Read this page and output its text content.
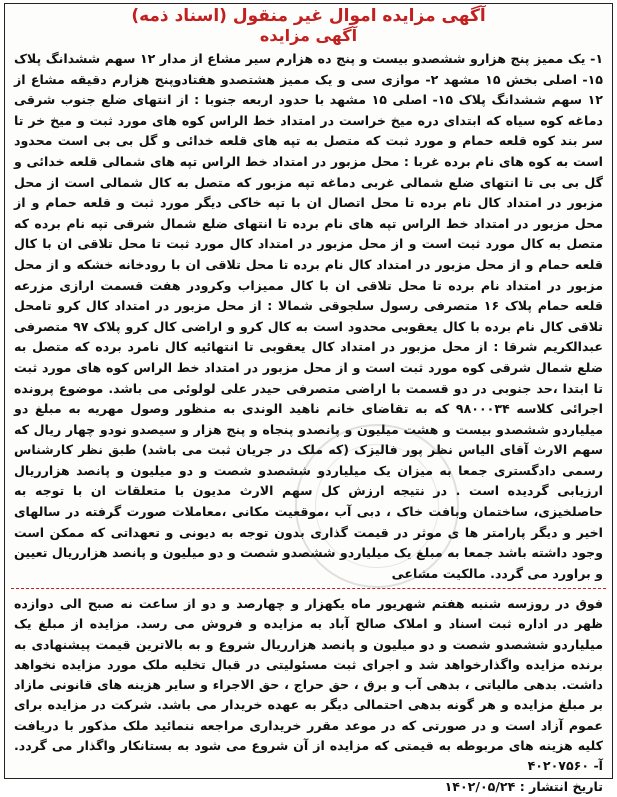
آگهی مزایده اموال غیر منقول (اسناد ذمه)
آگهی مزایده
۱- یک ممیز پنج هزارو ششصدو بیست و پنج ده هزارم سیر مشاع از مدار ۱۲ سهم ششدانگ پلاک ۱۵- اصلی بخش ۱۵ مشهد ۲- موازی سی و یک ممیز هشتصدو هفتادوپنج هزارم دقیقه مشاع از ۱۲ سهم ششدانگ پلاک ۱۵- اصلی ۱۵ مشهد با حدود اربعه جنوبا : از انتهای ضلع جنوب شرقی دماغه کوه سیاه که ابتدای دره میخ خراست در امتداد خط الراس کوه های مورد ثبت و میخ خر تا سر بند کوه قلعه حمام و مورد ثبت که متصل به تپه های قلعه خدائی و گل بی بی است محدود است به کوه های نام برده غربا : محل مزبور در امتداد خط الراس تپه های شمالی قلعه خدائی و گل بی بی تا انتهای ضلع شمالی غربی دماغه تپه مزبور که متصل به کال شمالی است از محل مزبور در امتداد کال نام برده تا محل اتصال ان با تپه خاکی دیگر مورد ثبت و قلعه حمام و از محل مزبور در امتداد خط الراس تپه های نام برده تا انتهای ضلع شمال شرقی تپه نام برده که متصل به کال مورد ثبت است و از محل مزبور در امتداد کال مورد ثبت تا محل تلاقی ان با کال قلعه حمام و از محل مزبور در امتداد کال نام برده تا محل تلاقی ان با رودخانه خشکه و از محل مزبور در امتداد نام برده تا محل تلاقی ان با کال ممیزاب وکرودر هفت قسمت ارازی مزرعه قلعه حمام پلاک ۱۶ متصرفی رسول سلجوقی شمالا : از محل مزبور در امتداد کال کرو تامحل تلاقی کال نام برده با کال یعقوبی محدود است به کال کرو و اراضی کال کرو پلاک ۹۷ متصرفی عبدالکریم شرقا : از محل مزبور در امتداد کال یعقوبی تا انتهائیه کال نامرد برده که متصل به ضلع شمال شرقی کوه مورد ثبت است و از محل مزبور در امتداد خط الراس کوه های مورد ثبت تا ابتدا ،حد جنوبی در دو قسمت با اراضی متصرفی حیدر علی لولوئی می باشد. موضوع پرونده اجرائی کلاسه ۹۸۰۰۰۳۴ که به تقاضای خانم ناهید الوندی به منظور وصول مهریه به مبلغ دو میلیاردو ششصدو بیست و هشت میلیون و پانصدو پنجاه و پنج هزار و سیصدو نودو چهار ریال که سهم الارث آقای الیاس نظر پور فالیزک (که ملک در جریان ثبت می باشد) طبق نظر کارشناس رسمی دادگستری جمعا به میزان یک میلیاردو ششصدو شصت و دو میلیون و پانصد هزارریال ارزیابی گردیده است . در نتیجه ارزش کل سهم الارث مدیون با متعلقات ان با توجه به حاصلخیزی، ساختمان وبافت خاک ، دبی آب ،موقعیت مکانی ،معاملات صورت گرفته در سالهای اخیر و دیگر پارامتر ها ی موثر در قیمت گذاری بدون توجه به دیونی و تعهداتی که ممکن است وجود داشته باشد جمعا به مبلغ یک میلیاردو ششصدو شصت و دو میلیون و پانصد هزارریال تعیین و براورد می گردد. مالکیت مشاعی
فوق در روزسه شنبه هفتم شهریور ماه یکهزار و چهارصد و دو از ساعت نه صبح الی دوازده ظهر در اداره ثبت اسناد و املاک صالح آباد به مزایده و فروش می رسد. مزایده از مبلغ یک میلیاردو ششصدو شصت و دو میلیون و پانصد هزارریال شروع و به بالاترین قیمت پیشنهادی به برنده مزایده واگذارخواهد شد و اجرای ثبت مسئولیتی در قبال تخلیه ملک مورد مزایده نخواهد داشت. بدهی مالیاتی ، بدهی آب و برق ، حق حراج ، حق الاجراء و سایر هزینه های قانونی مازاد بر مبلغ مزایده و هر گونه بدهی احتمالی دیگر به عهده خریدار می باشد. شرکت در مزایده برای عموم آزاد است و در صورتی که در موعد مقرر خریداری مراجعه ننمائید ملک مذکور با دریافت کلیه هزینه های مربوطه به قیمتی که مزایده از آن شروع می شود به بستانکار واگذار می گردد. آ- ۴۰۲۰۷۵۶۰
تاریخ انتشار : ۱۴۰۲/۰۵/۲۴
